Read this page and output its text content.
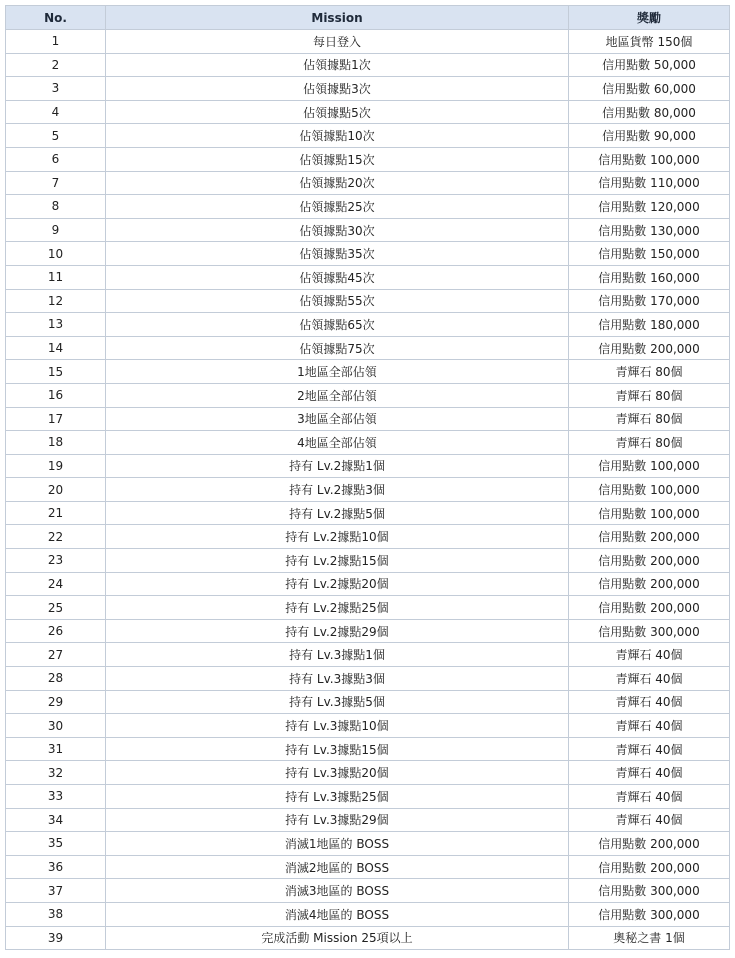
No.	Mission	獎勵
1	每日登入	地區貨幣 150個
2	佔領據點1次	信用點數 50,000
3	佔領據點3次	信用點數 60,000
4	佔領據點5次	信用點數 80,000
5	佔領據點10次	信用點數 90,000
6	佔領據點15次	信用點數 100,000
7	佔領據點20次	信用點數 110,000
8	佔領據點25次	信用點數 120,000
9	佔領據點30次	信用點數 130,000
10	佔領據點35次	信用點數 150,000
11	佔領據點45次	信用點數 160,000
12	佔領據點55次	信用點數 170,000
13	佔領據點65次	信用點數 180,000
14	佔領據點75次	信用點數 200,000
15	1地區全部佔領	青輝石 80個
16	2地區全部佔領	青輝石 80個
17	3地區全部佔領	青輝石 80個
18	4地區全部佔領	青輝石 80個
19	持有 Lv.2據點1個	信用點數 100,000
20	持有 Lv.2據點3個	信用點數 100,000
21	持有 Lv.2據點5個	信用點數 100,000
22	持有 Lv.2據點10個	信用點數 200,000
23	持有 Lv.2據點15個	信用點數 200,000
24	持有 Lv.2據點20個	信用點數 200,000
25	持有 Lv.2據點25個	信用點數 200,000
26	持有 Lv.2據點29個	信用點數 300,000
27	持有 Lv.3據點1個	青輝石 40個
28	持有 Lv.3據點3個	青輝石 40個
29	持有 Lv.3據點5個	青輝石 40個
30	持有 Lv.3據點10個	青輝石 40個
31	持有 Lv.3據點15個	青輝石 40個
32	持有 Lv.3據點20個	青輝石 40個
33	持有 Lv.3據點25個	青輝石 40個
34	持有 Lv.3據點29個	青輝石 40個
35	消滅1地區的 BOSS	信用點數 200,000
36	消滅2地區的 BOSS	信用點數 200,000
37	消滅3地區的 BOSS	信用點數 300,000
38	消滅4地區的 BOSS	信用點數 300,000
39	完成活動 Mission 25項以上	奧秘之書 1個
